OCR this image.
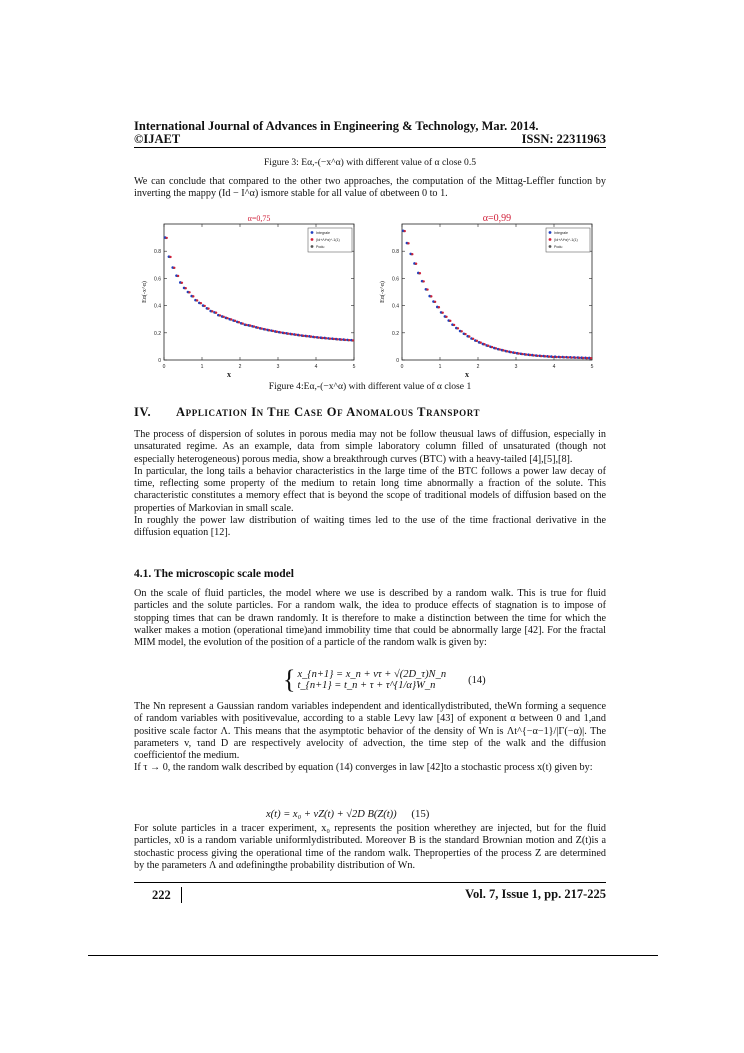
International Journal of Advances in Engineering & Technology, Mar. 2014.
©IJAET	ISSN: 22311963
Figure 3: Eα,-(−x^α) with different value of α close 0.5

We can conclude that compared to the other two approaches, the computation of the Mittag-Leffler function by inverting the mappy (Id − I^α) ismore stable for all value of αbetween 0 to 1.

α=0,75
0	1	2	3	4	5
0
0.2
0.4
0.6
0.8
x
Eα(-x^α)
Integrale
(Id+Λl^α)^-1(1)
Podu
α=0,99
0	1	2	3	4	5
0
0.2
0.4
0.6
0.8
x
Eα(-x^α)
Integrale
(Id+Λl^α)^-1(1)
Podu
Figure 4:Eα,-(−x^α) with different value of α close 1
IV. Application In The Case Of Anomalous Transport

The process of dispersion of solutes in porous media may not be follow theusual laws of diffusion, especially in unsaturated regime. As an example, data from simple laboratory column filled of unsaturated (though not especially heterogeneous) porous media, show a breakthrough curves (BTC) with a heavy-tailed [4],[5],[8].

In particular, the long tails a behavior characteristics in the large time of the BTC follows a power law decay of time, reflecting some property of the medium to retain long time abnormally a fraction of the solute. This characteristic constitutes a memory effect that is beyond the scope of traditional models of diffusion based on the properties of Markovian in small scale.

In roughly the power law distribution of waiting times led to the use of the time fractional derivative in the diffusion equation [12].

4.1. The microscopic scale model

On the scale of fluid particles, the model where we use is described by a random walk. This is true for fluid particles and the solute particles. For a random walk, the idea to produce effects of stagnation is to impose of stopping times that can be drawn randomly. It is therefore to make a distinction between the time for which the walker makes a motion (operational time)and immobility time that could be abnormally large [42]. For the fractal MIM model, the evolution of the position of a particle of the random walk is given by:

{ x_{n+1} = x_n + vτ + √(2D_τ)N_n
t_{n+1} = t_n + τ + τ^{1/α}W_n	(14)

The Nn represent a Gaussian random variables independent and identicallydistributed, theWn forming a sequence of random variables with positivevalue, according to a stable Levy law [43] of exponent α between 0 and 1,and positive scale factor Λ. This means that the asymptotic behavior of the density of Wn is Λt^{−α−1}/|Γ(−α)|. The parameters v, τand D are respectively avelocity of advection, the time step of the walk and the diffusion coefficientof the medium.

If τ → 0, the random walk described by equation (14) converges in law [42]to a stochastic process x(t) given by:

x(t) = x₀ + vZ(t) + √2D B(Z(t)) (15)

For solute particles in a tracer experiment, x₀ represents the position wherethey are injected, but for the fluid particles, x0 is a random variable uniformlydistributed. Moreover B is the standard Brownian motion and Z(t)is a stochastic process giving the operational time of the random walk. Theproperties of the process Z are determined by the parameters Λ and αdefiningthe probability distribution of Wn.

222	Vol. 7, Issue 1, pp. 217-225
